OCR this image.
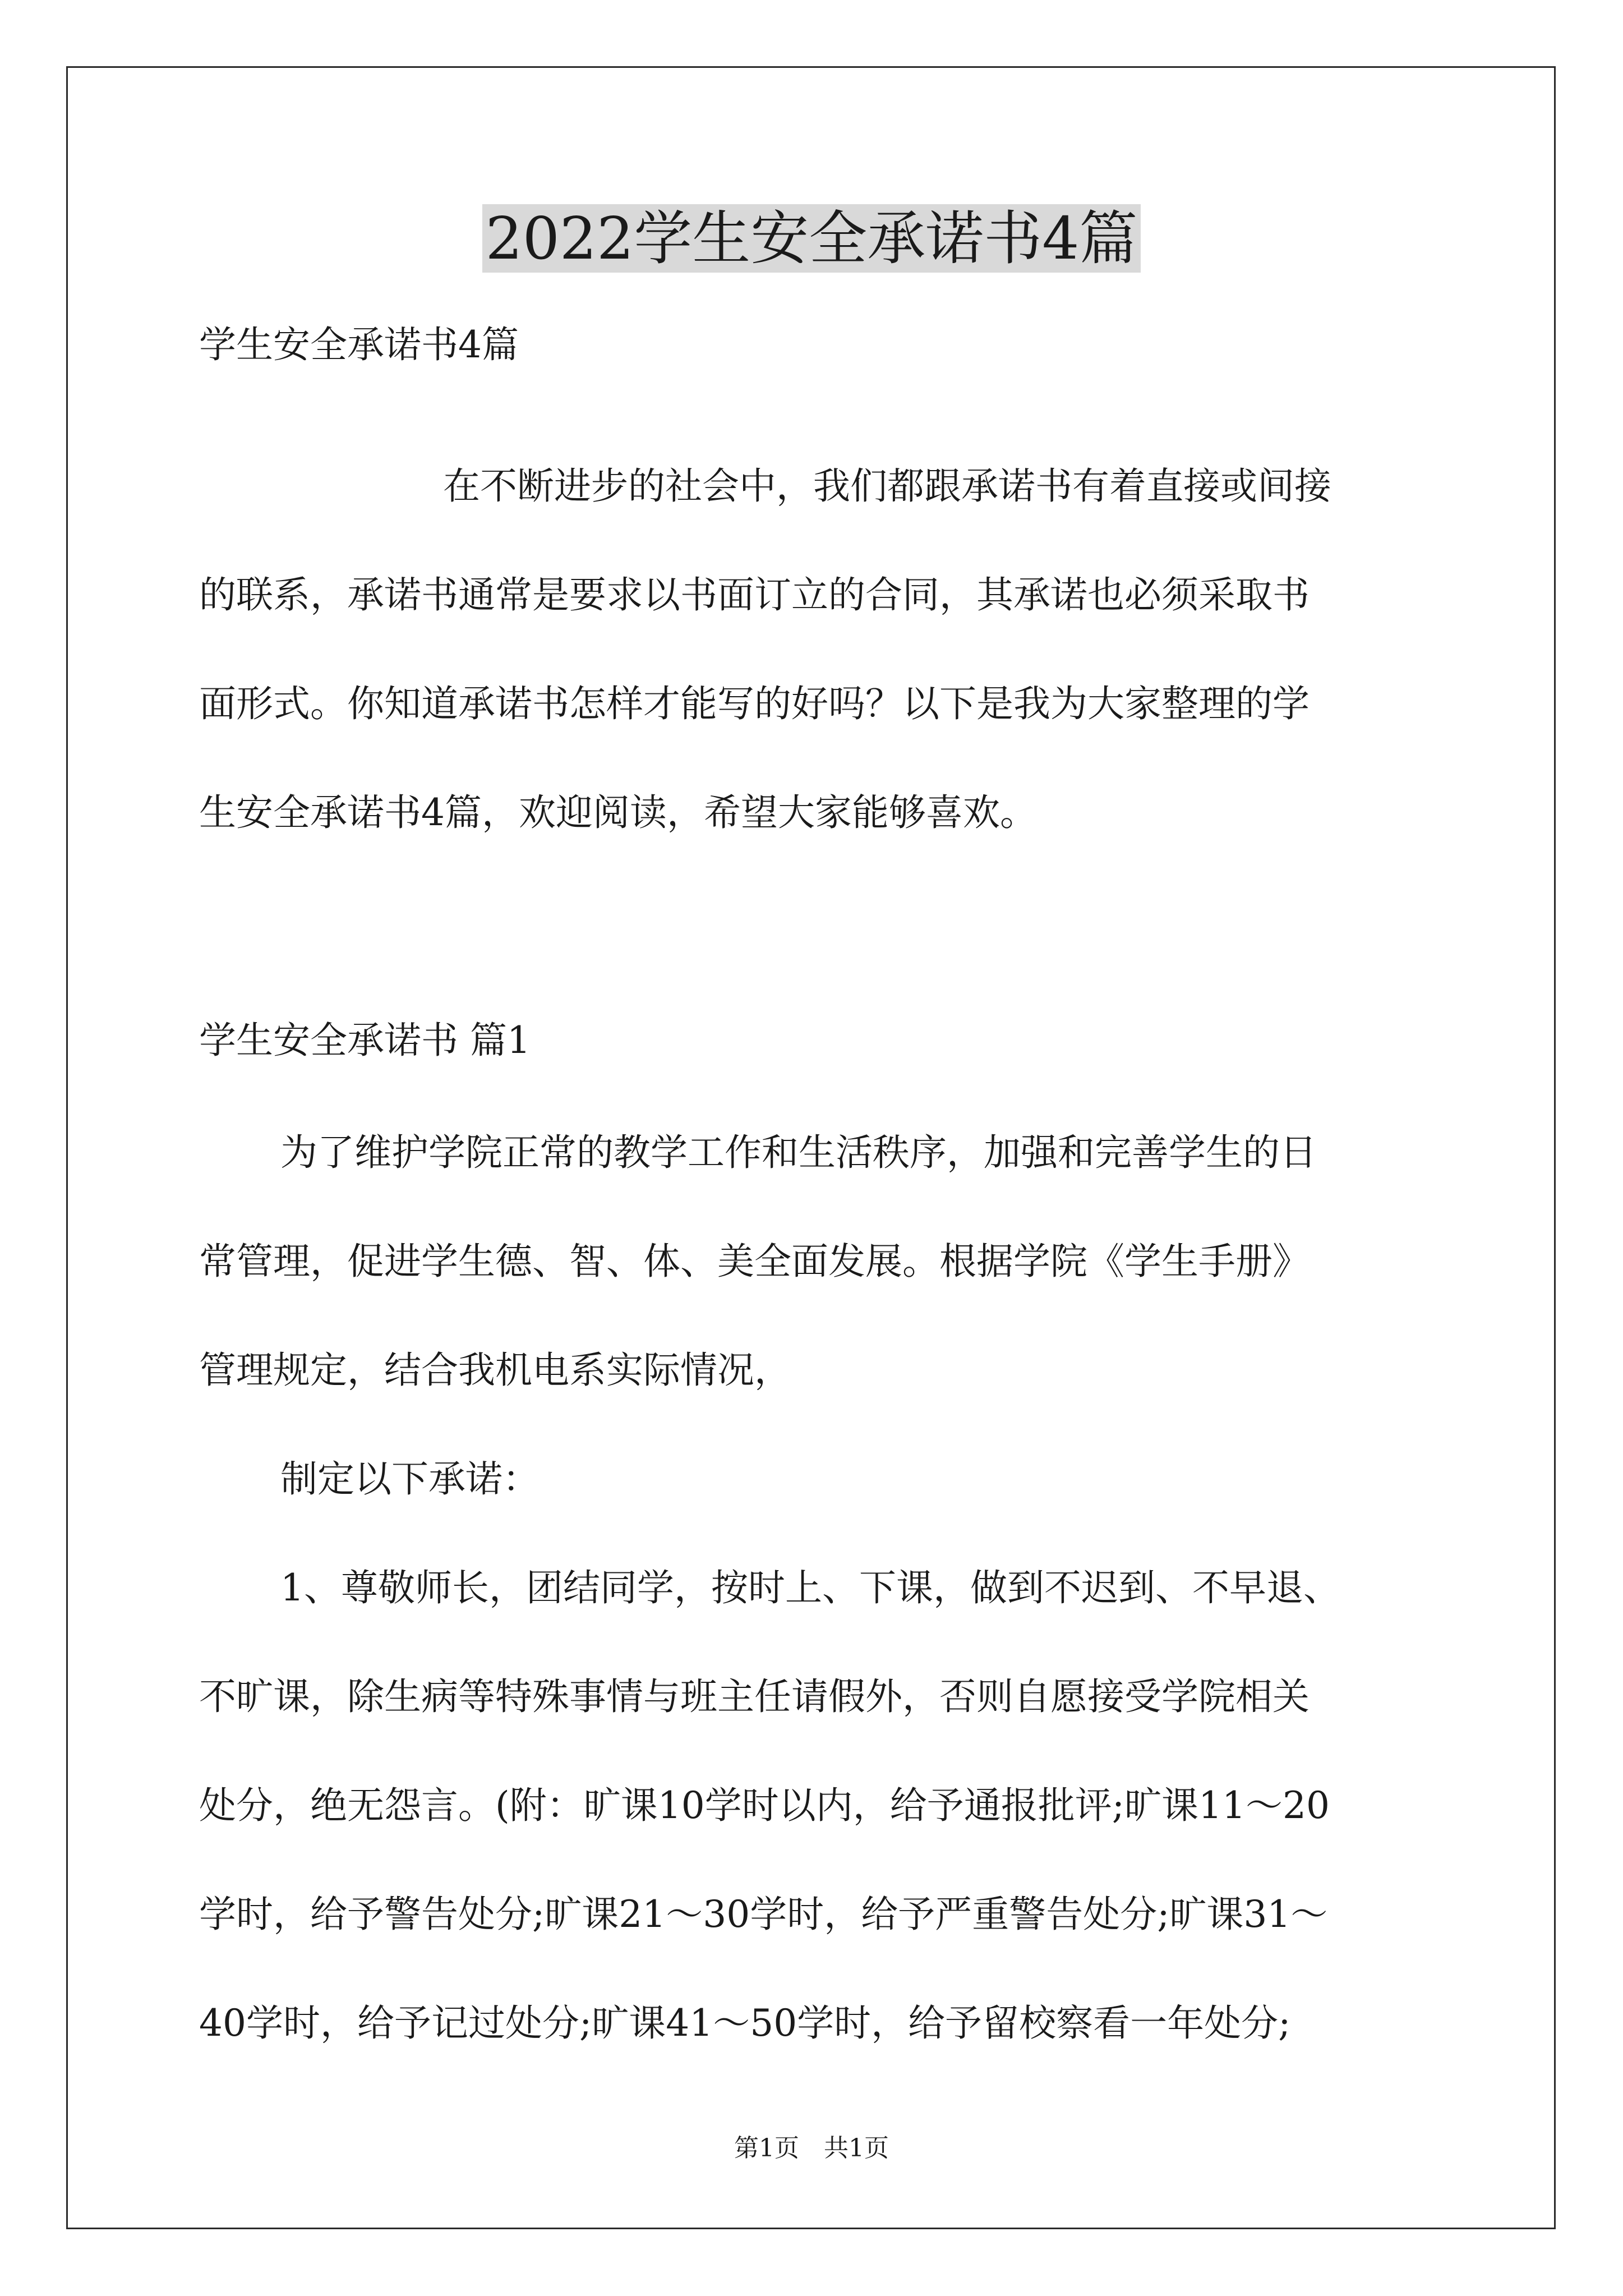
2022学生安全承诺书4篇

学生安全承诺书4篇

在不断进步的社会中，我们都跟承诺书有着直接或间接

的联系，承诺书通常是要求以书面订立的合同，其承诺也必须采取书

面形式。你知道承诺书怎样才能写的好吗？以下是我为大家整理的学

生安全承诺书4篇，欢迎阅读，希望大家能够喜欢。

学生安全承诺书 篇1

为了维护学院正常的教学工作和生活秩序，加强和完善学生的日

常管理，促进学生德、智、体、美全面发展。根据学院《学生手册》

管理规定，结合我机电系实际情况，

制定以下承诺：

1、尊敬师长，团结同学，按时上、下课，做到不迟到、不早退、

不旷课，除生病等特殊事情与班主任请假外，否则自愿接受学院相关

处分，绝无怨言。(附：旷课10学时以内，给予通报批评;旷课11～20

学时，给予警告处分;旷课21～30学时，给予严重警告处分;旷课31～

40学时，给予记过处分;旷课41～50学时，给予留校察看一年处分;

第1页　共1页
